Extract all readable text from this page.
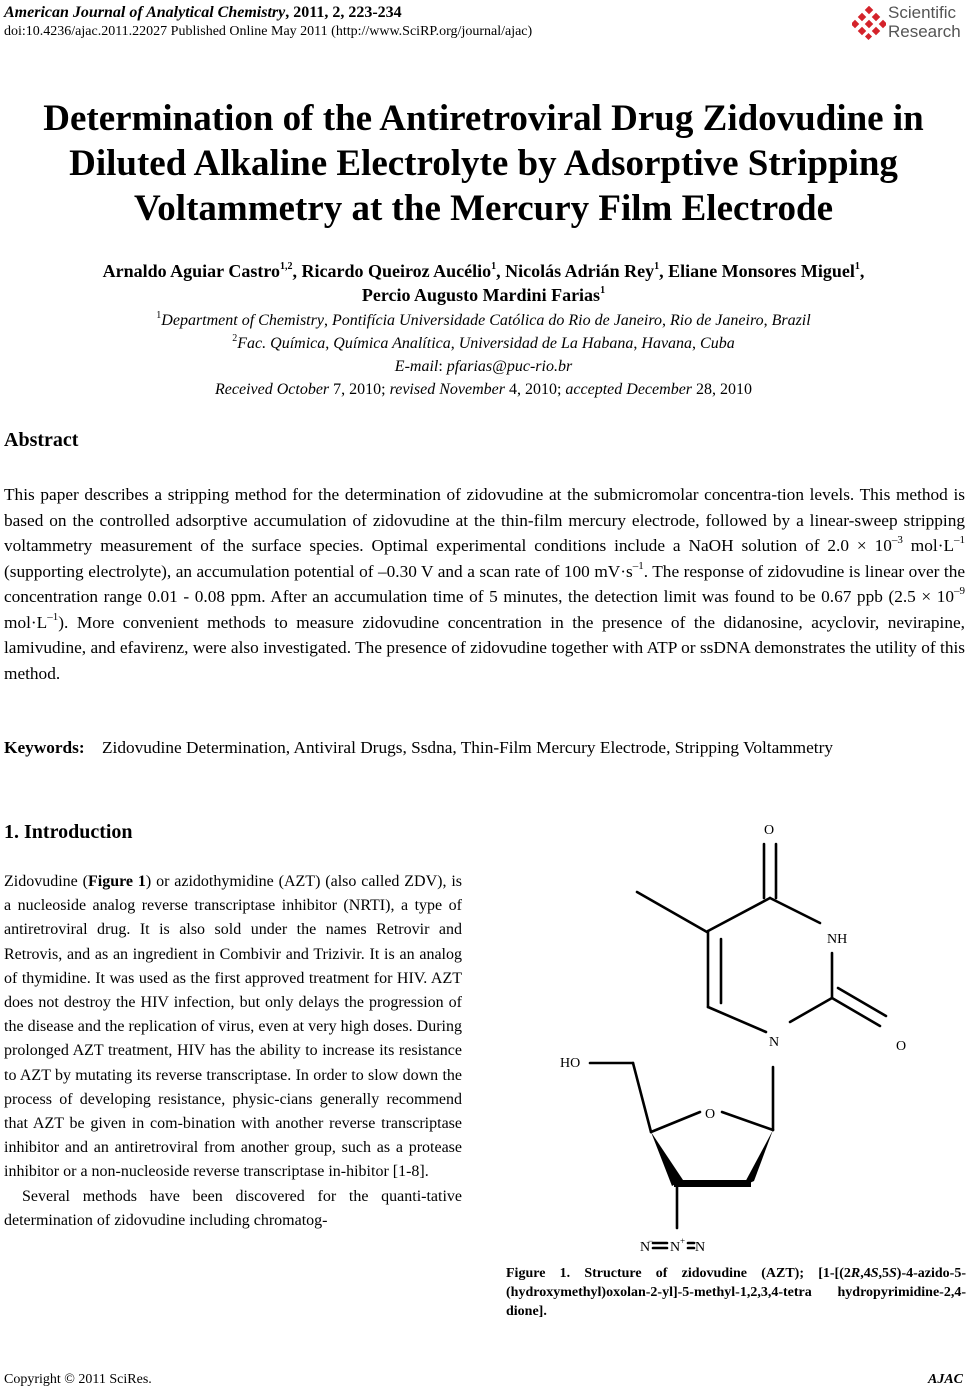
American Journal of Analytical Chemistry, 2011, 2, 223-234
doi:10.4236/ajac.2011.22027 Published Online May 2011 (http://www.SciRP.org/journal/ajac)
Scientific
Research
Determination of the Antiretroviral Drug Zidovudine in
Diluted Alkaline Electrolyte by Adsorptive Stripping
Voltammetry at the Mercury Film Electrode
Arnaldo Aguiar Castro$^{1,2}$, Ricardo Queiroz Aucélio$^1$, Nicolás Adrián Rey$^1$, Eliane Monsores Miguel$^1$,
Percio Augusto Mardini Farias$^1$
$^1$Department of Chemistry, Pontifícia Universidade Católica do Rio de Janeiro, Rio de Janeiro, Brazil
$^2$Fac. Química, Química Analítica, Universidad de La Habana, Havana, Cuba
E-mail: pfarias@puc-rio.br
Received October 7, 2010; revised November 4, 2010; accepted December 28, 2010
Abstract
This paper describes a stripping method for the determination of zidovudine at the submicromolar concentra-tion levels. This method is based on the controlled adsorptive accumulation of zidovudine at the thin-film mercury electrode, followed by a linear-sweep stripping voltammetry measurement of the surface species. Optimal experimental conditions include a NaOH solution of $2.0 \times 10^{-3}$ $mol\cdot L^{-1}$ (supporting electrolyte), an accumulation potential of –0.30 V and a scan rate of 100 $mV\cdot s^{-1}$. The response of zidovudine is linear over the concentration range 0.01 - 0.08 ppm. After an accumulation time of 5 minutes, the detection limit was found to be 0.67 ppb ($2.5 \times 10^{-9}$ $mol\cdot L^{-1}$). More convenient methods to measure zidovudine concentration in the presence of the didanosine, acyclovir, nevirapine, lamivudine, and efavirenz, were also investigated. The presence of zidovudine together with ATP or ssDNA demonstrates the utility of this method.
Keywords: Zidovudine Determination, Antiviral Drugs, Ssdna, Thin-Film Mercury Electrode, Stripping Voltammetry
1. Introduction

Zidovudine (Figure 1) or azidothymidine (AZT) (also called ZDV), is a nucleoside analog reverse transcriptase inhibitor (NRTI), a type of antiretroviral drug. It is also sold under the names Retrovir and Retrovis, and as an ingredient in Combivir and Trizivir. It is an analog of thymidine. It was used as the first approved treatment for HIV. AZT does not destroy the HIV infection, but only delays the progression of the disease and the replication of virus, even at very high doses. During prolonged AZT treatment, HIV has the ability to increase its resistance to AZT by mutating its reverse transcriptase. In order to slow down the process of developing resistance, physic-cians generally recommend that AZT be given in com-bination with another reverse transcriptase inhibitor and an antiretroviral from another group, such as a protease inhibitor or a non-nucleoside reverse transcriptase in-hibitor [1-8].

Several methods have been discovered for the quanti-tative determination of zidovudine including chromatog-

O
NH
N	O
HO
O
N
− N + N
Figure 1. Structure of zidovudine (AZT); [1-[(2R,4S,5S)-4-azido-5-(hydroxymethyl)oxolan-2-yl]-5-methyl-1,2,3,4-tetra hydropyrimidine-2,4-dione].
Copyright © 2011 SciRes.	AJAC
